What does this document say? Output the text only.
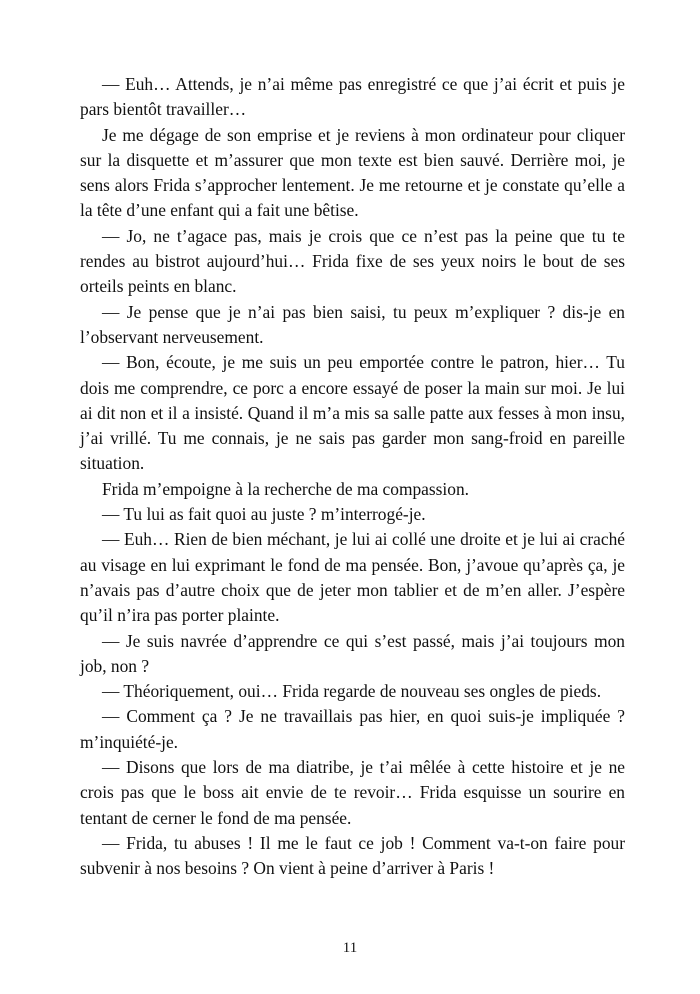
— Euh… Attends, je n’ai même pas enregistré ce que j’ai écrit et puis je pars bientôt travailler…

Je me dégage de son emprise et je reviens à mon ordinateur pour cliquer sur la disquette et m’assurer que mon texte est bien sauvé. Derrière moi, je sens alors Frida s’approcher lentement. Je me retourne et je constate qu’elle a la tête d’une enfant qui a fait une bêtise.

— Jo, ne t’agace pas, mais je crois que ce n’est pas la peine que tu te rendes au bistrot aujourd’hui… Frida fixe de ses yeux noirs le bout de ses orteils peints en blanc.

— Je pense que je n’ai pas bien saisi, tu peux m’expliquer ? dis-je en l’observant nerveusement.

— Bon, écoute, je me suis un peu emportée contre le patron, hier… Tu dois me comprendre, ce porc a encore essayé de poser la main sur moi. Je lui ai dit non et il a insisté. Quand il m’a mis sa salle patte aux fesses à mon insu, j’ai vrillé. Tu me connais, je ne sais pas garder mon sang-froid en pareille situation.

Frida m’empoigne à la recherche de ma compassion.

— Tu lui as fait quoi au juste ? m’interrogé-je.

— Euh… Rien de bien méchant, je lui ai collé une droite et je lui ai craché au visage en lui exprimant le fond de ma pensée. Bon, j’avoue qu’après ça, je n’avais pas d’autre choix que de jeter mon tablier et de m’en aller. J’espère qu’il n’ira pas porter plainte.

— Je suis navrée d’apprendre ce qui s’est passé, mais j’ai toujours mon job, non ?

— Théoriquement, oui… Frida regarde de nouveau ses ongles de pieds.

— Comment ça ? Je ne travaillais pas hier, en quoi suis-je impliquée ? m’inquiété-je.

— Disons que lors de ma diatribe, je t’ai mêlée à cette histoire et je ne crois pas que le boss ait envie de te revoir… Frida esquisse un sourire en tentant de cerner le fond de ma pensée.

— Frida, tu abuses ! Il me le faut ce job ! Comment va-t-on faire pour subvenir à nos besoins ? On vient à peine d’arriver à Paris !

11
